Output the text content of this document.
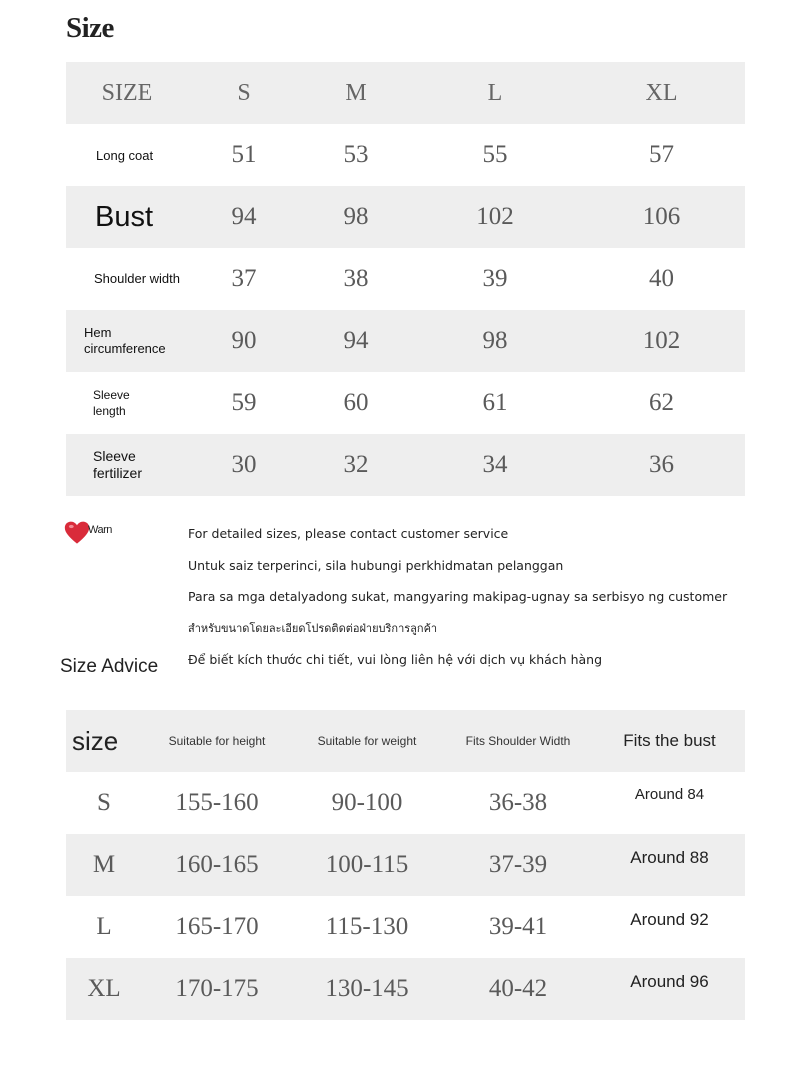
Size
SIZE	S	M	L	XL
Long coat	51	53	55	57
Bust	94	98	102	106
Shoulder width	37	38	39	40

Hem circumference	90	94	98	102

Sleeve length	59	60	61	62

Sleeve fertilizer	30	32	34	36
Warn	For detailed sizes, please contact customer service
Untuk saiz terperinci, sila hubungi perkhidmatan pelanggan
Para sa mga detalyadong sukat, mangyaring makipag-ugnay sa serbisyo ng customer
สำหรับขนาดโดยละเอียดโปรดติดต่อฝ่ายบริการลูกค้า
Để biết kích thước chi tiết, vui lòng liên hệ với dịch vụ khách hàng
Size Advice
size	Suitable for height	Suitable for weight	Fits Shoulder Width	Fits the bust
S	155-160	90-100	36-38	Around 84
M	160-165	100-115	37-39	Around 88
L	165-170	115-130	39-41	Around 92
XL	170-175	130-145	40-42	Around 96
